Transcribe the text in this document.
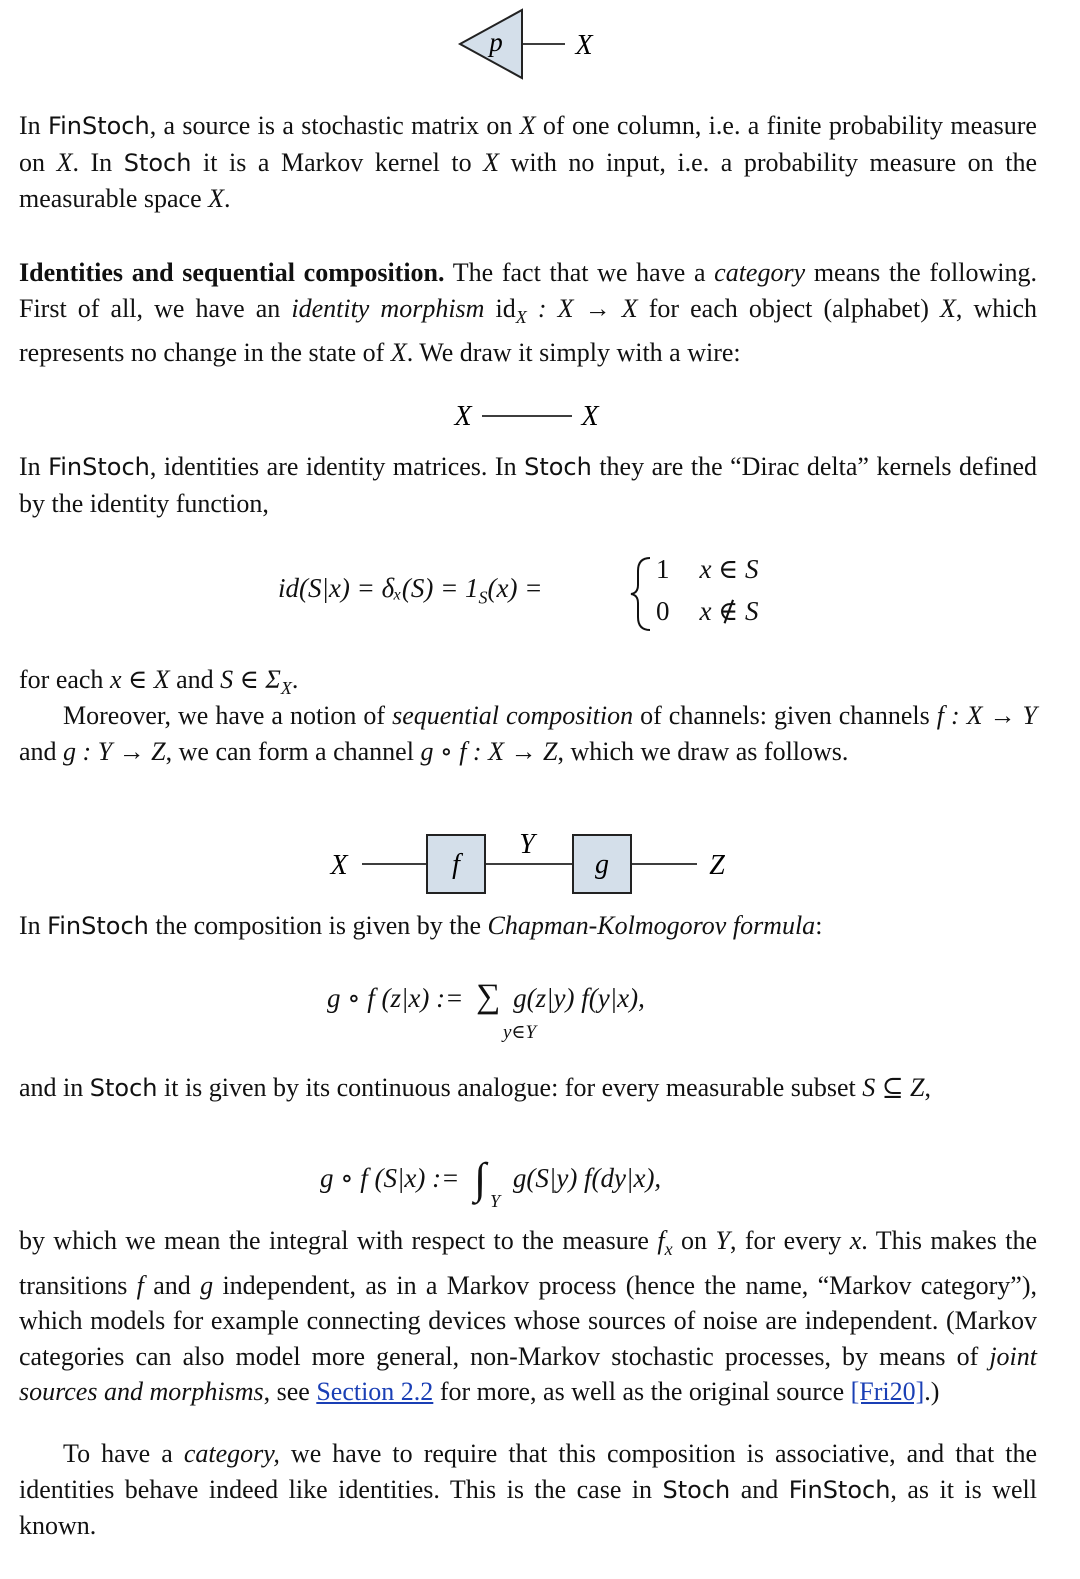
p	X
In FinStoch, a source is a stochastic matrix on X of one column, i.e. a finite probability measure on X. In Stoch it is a Markov kernel to X with no input, i.e. a probability measure on the measurable space X.
Identities and sequential composition. The fact that we have a category means the following. First of all, we have an identity morphism $id_X$ : X → X for each object (alphabet) X, which represents no change in the state of X. We draw it simply with a wire:
X	X
In FinStoch, identities are identity matrices. In Stoch they are the “Dirac delta” kernels defined by the identity function,
$id(S|x) = \delta_x(S) = 1_S(x)$ =
1 x ∈ S
0 x ∉ S
for each x ∈ X and S ∈ $\Sigma_X$.
Moreover, we have a notion of sequential composition of channels: given channels f : X → Y and g : Y → Z, we can form a channel g ∘ f : X → Z, which we draw as follows.
X	f
Y
g	Z
In FinStoch the composition is given by the Chapman-Kolmogorov formula:
g ∘ f (z|x) := ∑ g(z|y) f(y|x),
y∈Y
and in Stoch it is given by its continuous analogue: for every measurable subset S ⊆ Z,
g ∘ f (S|x) := ∫ $_Y$ g(S|y) f(dy|x),
by which we mean the integral with respect to the measure $f_x$ on Y, for every x. This makes the transitions f and g independent, as in a Markov process (hence the name, “Markov category”), which models for example connecting devices whose sources of noise are independent. (Markov categories can also model more general, non-Markov stochastic processes, by means of joint sources and morphisms, see Section 2.2 for more, as well as the original source [Fri20].)
To have a category, we have to require that this composition is associative, and that the identities behave indeed like identities. This is the case in Stoch and FinStoch, as it is well known.
